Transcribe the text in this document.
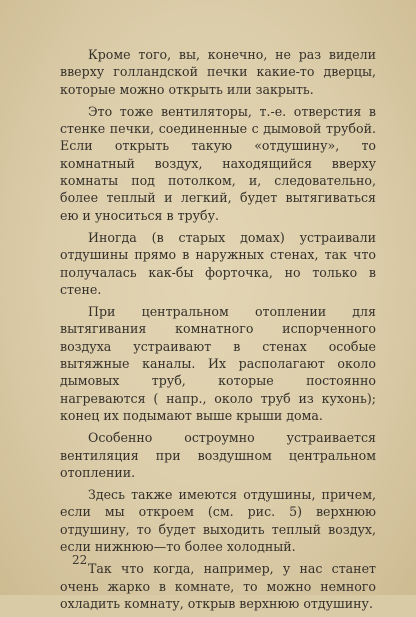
Кроме того, вы, конечно, не раз видели вверху голландской печки какие-то дверцы, которые можно открыть или закрыть.

Это тоже вентиляторы, т.-е. отверстия в стенке печки, соединенные с дымовой трубой. Если открыть такую «отдушину», то комнатный воздух, находящийся вверху комнаты под потолком, и, следовательно, более теплый и легкий, будет вытягиваться ею и уноситься в трубу.

Иногда (в старых домах) устраивали отдушины прямо в наружных стенах, так что получалась как-бы форточка, но только в стене.

При центральном отоплении для вытягивания комнатного испорченного воздуха устраивают в стенах особые вытяжные каналы. Их располагают около дымовых труб, которые постоянно нагреваются ( напр., около труб из кухонь); конец их подымают выше крыши дома.

Особенно остроумно устраивается вентиляция при воздушном центральном отоплении.

Здесь также имеются отдушины, причем, если мы откроем (см. рис. 5) верхнюю отдушину, то будет выходить теплый воздух, если нижнюю—то более холодный.

Так что когда, например, у нас станет очень жарко в комнате, то можно немного охладить комнату, открыв верхнюю отдушину.

22
